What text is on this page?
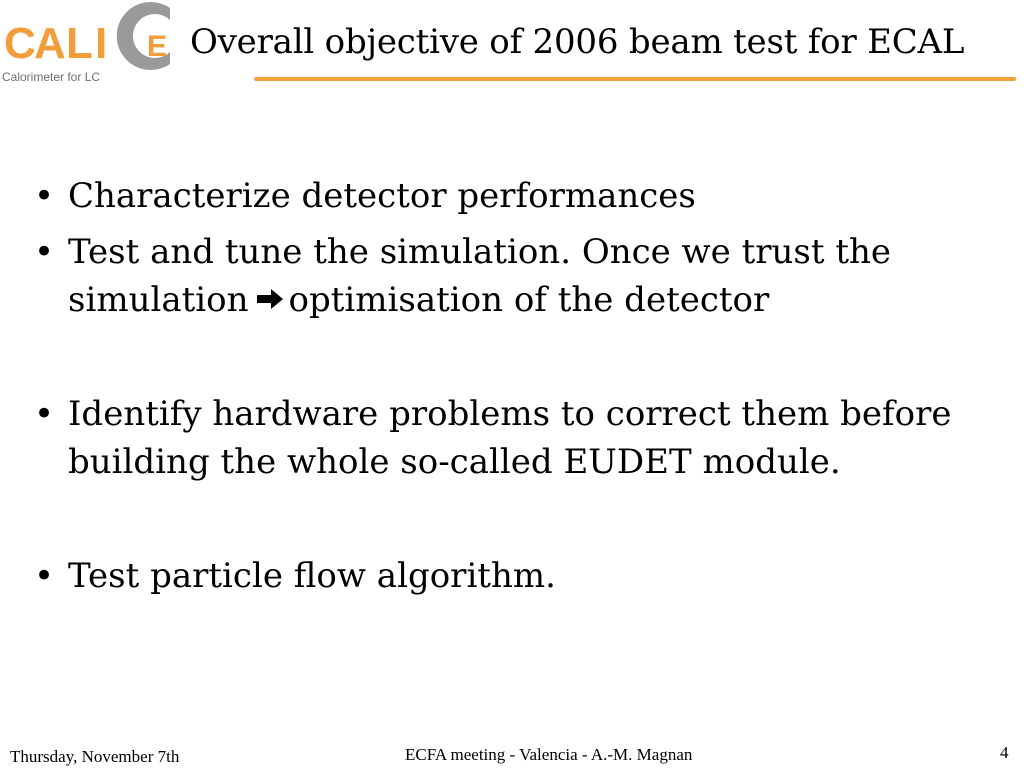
C
A L I E
Calorimeter for LC
Overall objective of 2006 beam test for ECAL
• Characterize detector performances
• Test and tune the simulation. Once we trust the
simulation optimisation of the detector
• Identify hardware problems to correct them before
building the whole so-called EUDET module.
• Test particle flow algorithm.
Thursday, November 7th	ECFA meeting - Valencia - A.-M. Magnan	4
